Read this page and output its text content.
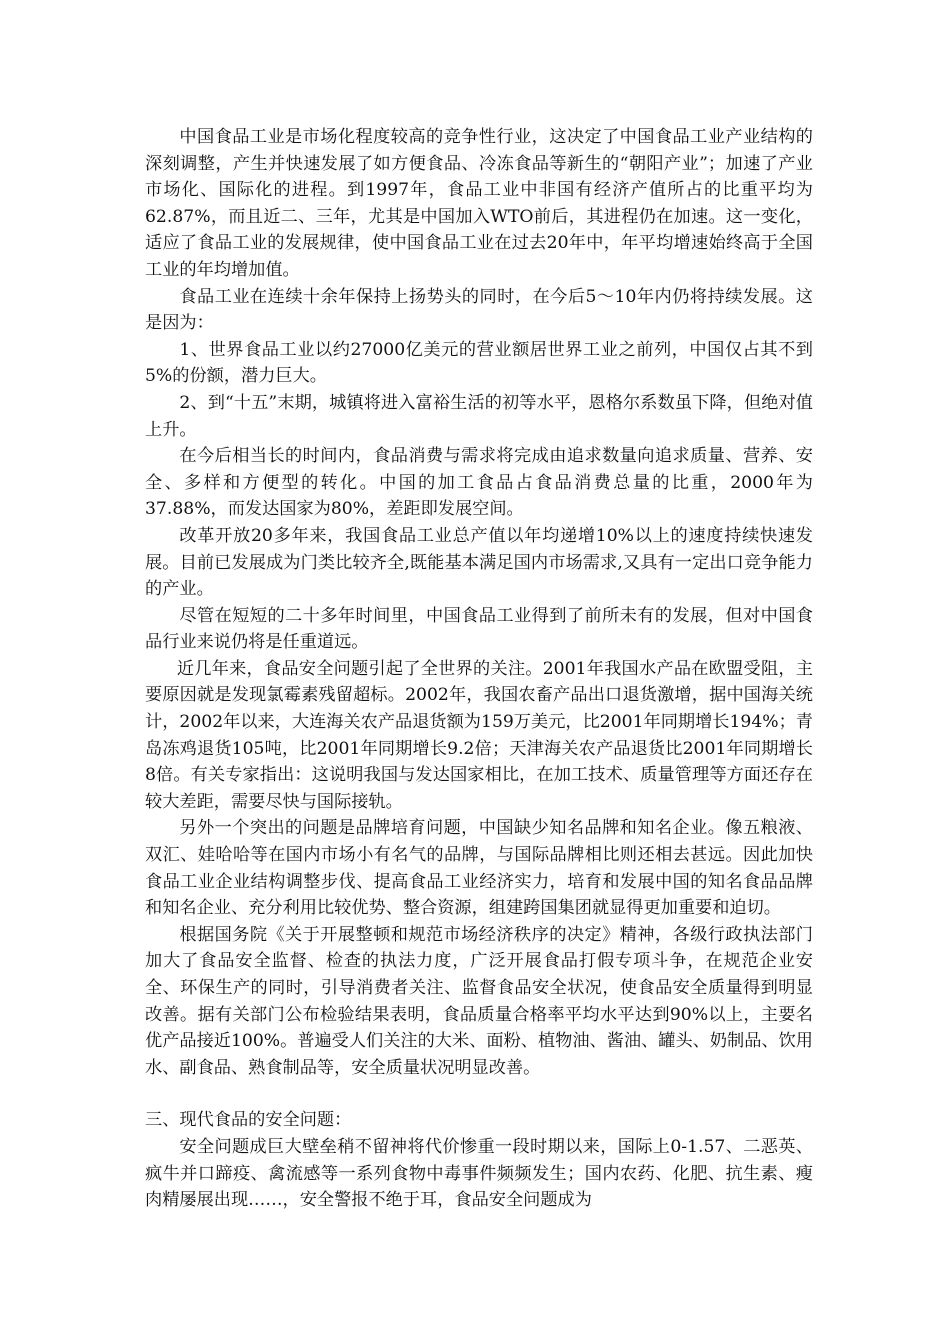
中国食品工业是市场化程度较高的竞争性行业，这决定了中国食品工业产业结构的深刻调整，产生并快速发展了如方便食品、冷冻食品等新生的“朝阳产业”；加速了产业市场化、国际化的进程。到1997年，食品工业中非国有经济产值所占的比重平均为62.87%，而且近二、三年，尤其是中国加入WTO前后，其进程仍在加速。这一变化，适应了食品工业的发展规律，使中国食品工业在过去20年中，年平均增速始终高于全国工业的年均增加值。

食品工业在连续十余年保持上扬势头的同时，在今后5～10年内仍将持续发展。这是因为：

1、世界食品工业以约27000亿美元的营业额居世界工业之前列，中国仅占其不到5%的份额，潜力巨大。

2、到“十五”末期，城镇将进入富裕生活的初等水平，恩格尔系数虽下降，但绝对值上升。

在今后相当长的时间内，食品消费与需求将完成由追求数量向追求质量、营养、安全、多样和方便型的转化。中国的加工食品占食品消费总量的比重，2000年为37.88%，而发达国家为80%，差距即发展空间。

改革开放20多年来，我国食品工业总产值以年均递增10%以上的速度持续快速发展。目前已发展成为门类比较齐全,既能基本满足国内市场需求,又具有一定出口竞争能力的产业。

尽管在短短的二十多年时间里，中国食品工业得到了前所未有的发展，但对中国食品行业来说仍将是任重道远。

近几年来，食品安全问题引起了全世界的关注。2001年我国水产品在欧盟受阻，主要原因就是发现氯霉素残留超标。2002年，我国农畜产品出口退货激增，据中国海关统计，2002年以来，大连海关农产品退货额为159万美元，比2001年同期增长194%；青岛冻鸡退货105吨，比2001年同期增长9.2倍；天津海关农产品退货比2001年同期增长8倍。有关专家指出：这说明我国与发达国家相比，在加工技术、质量管理等方面还存在较大差距，需要尽快与国际接轨。

另外一个突出的问题是品牌培育问题，中国缺少知名品牌和知名企业。像五粮液、双汇、娃哈哈等在国内市场小有名气的品牌，与国际品牌相比则还相去甚远。因此加快食品工业企业结构调整步伐、提高食品工业经济实力，培育和发展中国的知名食品品牌和知名企业、充分利用比较优势、整合资源，组建跨国集团就显得更加重要和迫切。

根据国务院《关于开展整顿和规范市场经济秩序的决定》精神，各级行政执法部门加大了食品安全监督、检查的执法力度，广泛开展食品打假专项斗争，在规范企业安全、环保生产的同时，引导消费者关注、监督食品安全状况，使食品安全质量得到明显改善。据有关部门公布检验结果表明，食品质量合格率平均水平达到90%以上，主要名优产品接近100%。普遍受人们关注的大米、面粉、植物油、酱油、罐头、奶制品、饮用水、副食品、熟食制品等，安全质量状况明显改善。

三、现代食品的安全问题：

安全问题成巨大壁垒稍不留神将代价惨重一段时期以来，国际上0-1.57、二恶英、疯牛并口蹄疫、禽流感等一系列食物中毒事件频频发生；国内农药、化肥、抗生素、瘦肉精屡展出现……，安全警报不绝于耳，食品安全问题成为
